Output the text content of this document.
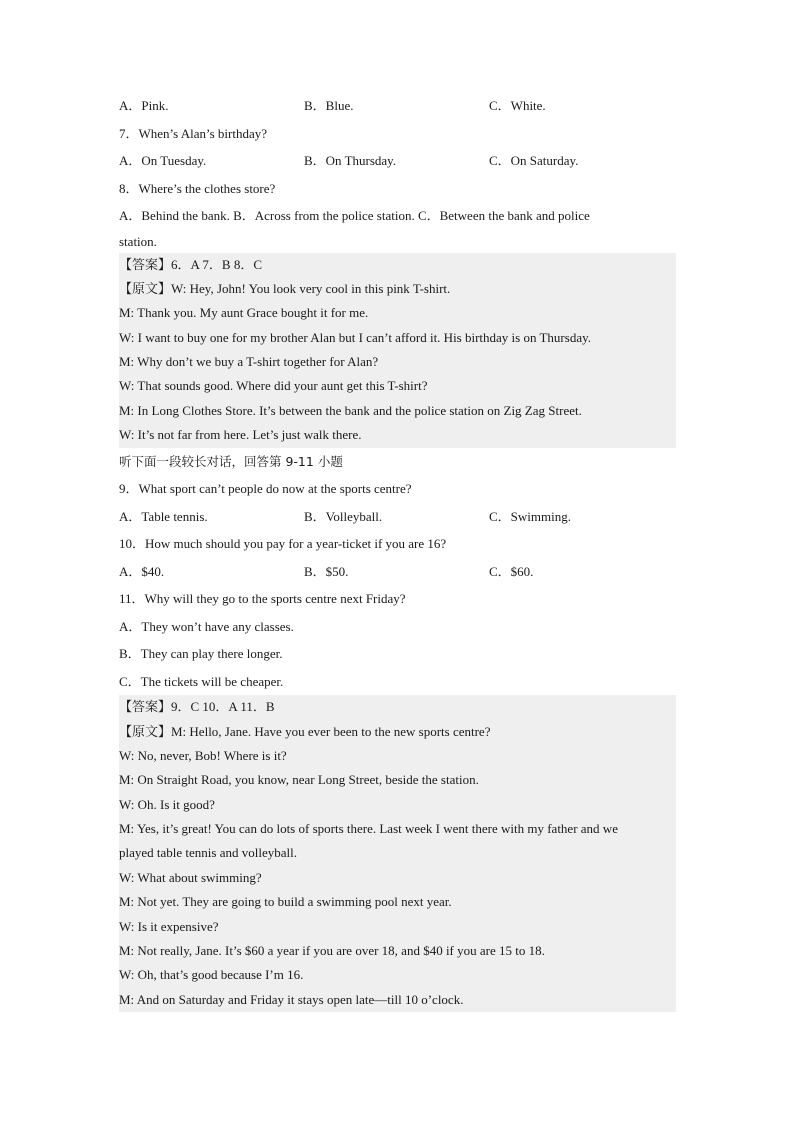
A．Pink.	B．Blue.	C．White.
7．When’s Alan’s birthday?
A．On Tuesday.	B．On Thursday.	C．On Saturday.
8．Where’s the clothes store?
A．Behind the bank. B．Across from the police station. C．Between the bank and police
station.
【答案】6．A 7．B 8．C
【原文】W: Hey, John! You look very cool in this pink T-shirt.
M: Thank you. My aunt Grace bought it for me.
W: I want to buy one for my brother Alan but I can’t afford it. His birthday is on Thursday.
M: Why don’t we buy a T-shirt together for Alan?
W: That sounds good. Where did your aunt get this T-shirt?
M: In Long Clothes Store. It’s between the bank and the police station on Zig Zag Street.
W: It’s not far from here. Let’s just walk there.
听下面一段较长对话，回答第 9-11 小题
9．What sport can’t people do now at the sports centre?
A．Table tennis.	B．Volleyball.	C．Swimming.
10．How much should you pay for a year-ticket if you are 16?
A．$40.	B．$50.	C．$60.
11．Why will they go to the sports centre next Friday?
A．They won’t have any classes.
B．They can play there longer.
C．The tickets will be cheaper.
【答案】9．C 10．A 11．B
【原文】M: Hello, Jane. Have you ever been to the new sports centre?
W: No, never, Bob! Where is it?
M: On Straight Road, you know, near Long Street, beside the station.
W: Oh. Is it good?
M: Yes, it’s great! You can do lots of sports there. Last week I went there with my father and we
played table tennis and volleyball.
W: What about swimming?
M: Not yet. They are going to build a swimming pool next year.
W: Is it expensive?
M: Not really, Jane. It’s $60 a year if you are over 18, and $40 if you are 15 to 18.
W: Oh, that’s good because I’m 16.
M: And on Saturday and Friday it stays open late—till 10 o’clock.
